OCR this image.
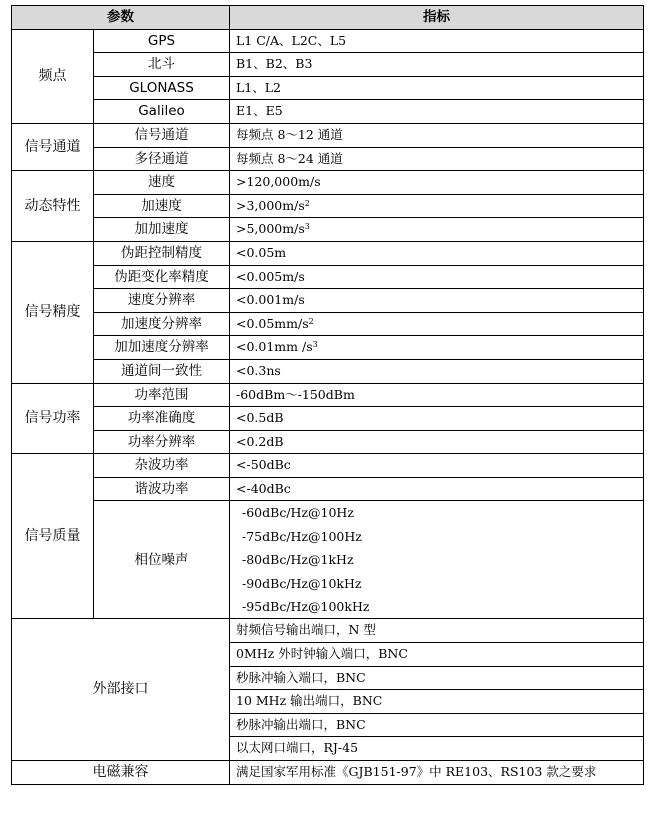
参数		指标
频点	GPS	L1 C/A、L2C、L5
	北斗	B1、B2、B3
	GLONASS	L1、L2
	Galileo	E1、E5
信号通道	信号通道	每频点 8～12 通道
	多径通道	每频点 8～24 通道
动态特性	速度	>120,000m/s
	加速度	$>3,000m/s^2$
	加加速度	$>5,000m/s^3$
信号精度	伪距控制精度	<0.05m
	伪距变化率精度	<0.005m/s
	速度分辨率	<0.001m/s
	加速度分辨率	$<0.05mm/s^2$
	加加速度分辨率	<0.01mm $/s^3$
	通道间一致性	<0.3ns
信号功率	功率范围	-60dBm～-150dBm
	功率准确度	<0.5dB
	功率分辨率	<0.2dB
信号质量	杂波功率	<-50dBc
	谐波功率	<-40dBc
	相位噪声	-60dBc/Hz@10Hz
-75dBc/Hz@100Hz
-80dBc/Hz@1kHz
-90dBc/Hz@10kHz
-95dBc/Hz@100kHz

外部接口		射频信号输出端口，N 型
		0MHz 外时钟输入端口，BNC
		秒脉冲输入端口，BNC
		10 MHz 输出端口，BNC
		秒脉冲输出端口，BNC
		以太网口端口，RJ-45
电磁兼容		满足国家军用标准《GJB151-97》中 RE103、RS103 款之要求
